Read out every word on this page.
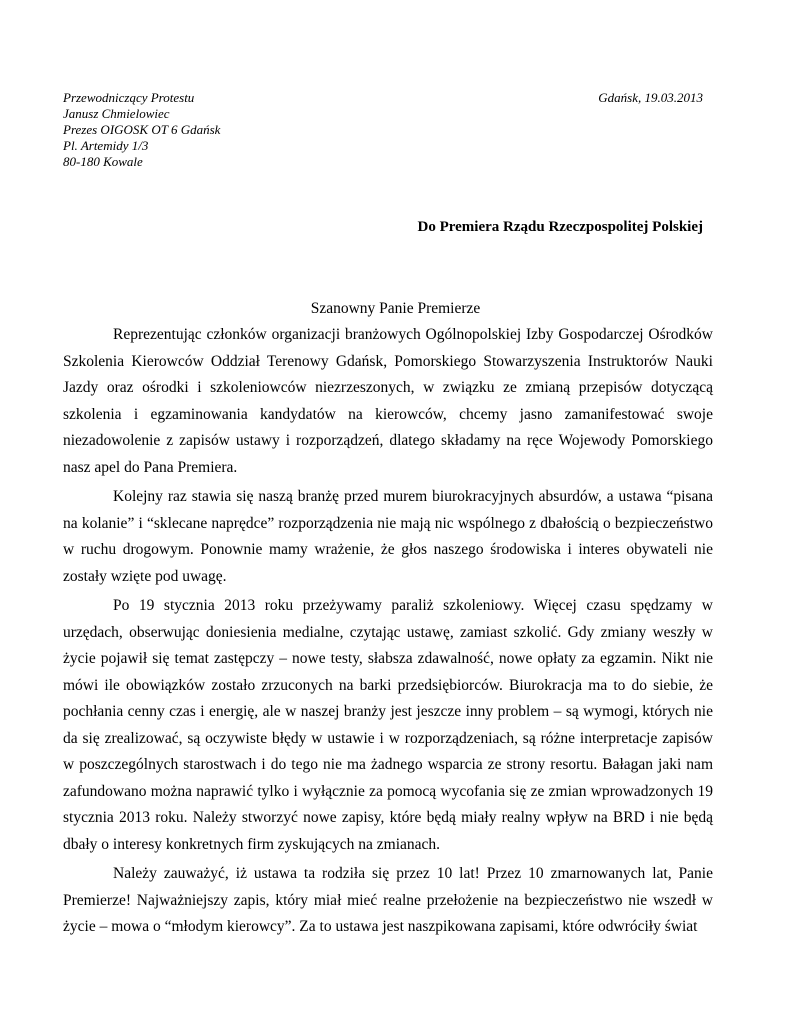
Przewodniczący Protestu
Janusz Chmielowiec
Prezes OIGOSK OT 6 Gdańsk
Pl. Artemidy 1/3
80-180 Kowale
Gdańsk, 19.03.2013
Do Premiera Rządu Rzeczpospolitej Polskiej
Szanowny Panie Premierze

Reprezentując członków organizacji branżowych Ogólnopolskiej Izby Gospodarczej Ośrodków Szkolenia Kierowców Oddział Terenowy Gdańsk, Pomorskiego Stowarzyszenia Instruktorów Nauki Jazdy oraz ośrodki i szkoleniowców niezrzeszonych, w związku ze zmianą przepisów dotyczącą szkolenia i egzaminowania kandydatów na kierowców, chcemy jasno zamanifestować swoje niezadowolenie z zapisów ustawy i rozporządzeń, dlatego składamy na ręce Wojewody Pomorskiego nasz apel do Pana Premiera.

Kolejny raz stawia się naszą branżę przed murem biurokracyjnych absurdów, a ustawa “pisana na kolanie” i “sklecane naprędce” rozporządzenia nie mają nic wspólnego z dbałością o bezpieczeństwo w ruchu drogowym. Ponownie mamy wrażenie, że głos naszego środowiska i interes obywateli nie zostały wzięte pod uwagę.

Po 19 stycznia 2013 roku przeżywamy paraliż szkoleniowy. Więcej czasu spędzamy w urzędach, obserwując doniesienia medialne, czytając ustawę, zamiast szkolić. Gdy zmiany weszły w życie pojawił się temat zastępczy – nowe testy, słabsza zdawalność, nowe opłaty za egzamin. Nikt nie mówi ile obowiązków zostało zrzuconych na barki przedsiębiorców. Biurokracja ma to do siebie, że pochłania cenny czas i energię, ale w naszej branży jest jeszcze inny problem – są wymogi, których nie da się zrealizować, są oczywiste błędy w ustawie i w rozporządzeniach, są różne interpretacje zapisów w poszczególnych starostwach i do tego nie ma żadnego wsparcia ze strony resortu. Bałagan jaki nam zafundowano można naprawić tylko i wyłącznie za pomocą wycofania się ze zmian wprowadzonych 19 stycznia 2013 roku. Należy stworzyć nowe zapisy, które będą miały realny wpływ na BRD i nie będą dbały o interesy konkretnych firm zyskujących na zmianach.

Należy zauważyć, iż ustawa ta rodziła się przez 10 lat! Przez 10 zmarnowanych lat, Panie Premierze! Najważniejszy zapis, który miał mieć realne przełożenie na bezpieczeństwo nie wszedł w życie – mowa o “młodym kierowcy”. Za to ustawa jest naszpikowana zapisami, które odwróciły świat
